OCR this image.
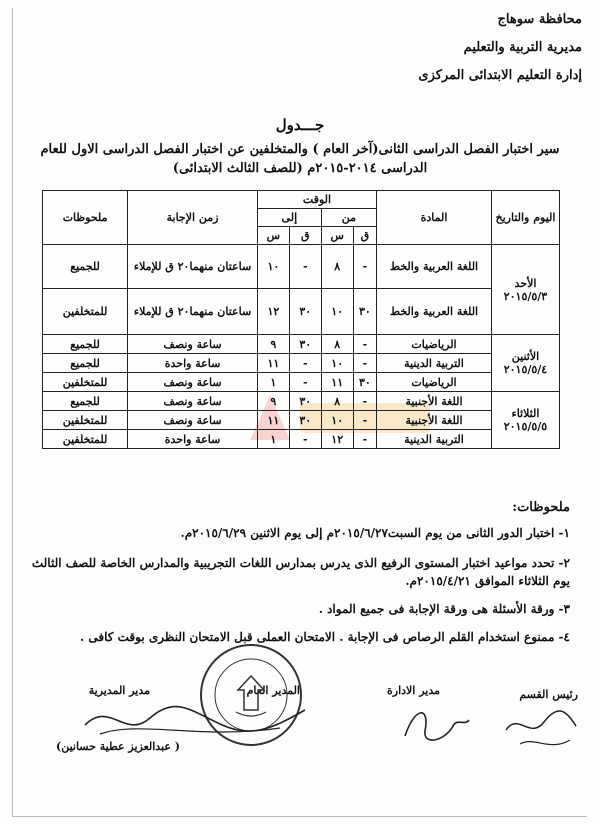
محافظة سوهاج
مديرية التربية والتعليم
إدارة التعليم الابتدائى المركزى
جـــدول
سير اختبار الفصل الدراسى الثانى(آخر العام ) والمتخلفين عن اختبار الفصل الدراسى الاول للعام
الدراسى ٢٠١٤-٢٠١٥م (للصف الثالث الابتدائى)
اليوم والتاريخ	المادة	الوقت				زمن الإجابة	ملحوظات
		من		إلى			
		ق	س	ق	س		

الأحد
٢٠١٥/٥/٣	اللغة العربية والخط	-	٨	-	١٠	ساعتان منهما٢٠ ق للإملاء	للجميع
	اللغة العربية والخط	٣٠	١٠	٣٠	١٢	ساعتان منهما٢٠ ق للإملاء	للمتخلفين

الأثنين
٢٠١٥/٥/٤	الرياضيات	-	٨	٣٠	٩	ساعة ونصف	للجميع
	التربية الدينية	-	١٠	-	١١	ساعة واحدة	للجميع
	الرياضيات	٣٠	١١	-	١	ساعة ونصف	للمتخلفين

الثلاثاء
٢٠١٥/٥/٥	اللغة الأجنبية	-	٨	٣٠	٩	ساعة ونصف	للجميع
	اللغة الأجنبية	-	١٠	٣٠	١١	ساعة ونصف	للمتخلفين
	التربية الدينية	-	١٢	-	١	ساعة واحدة	للمتخلفين
ملحوظات:
١- اختبار الدور الثانى من يوم السبت٢٠١٥/٦/٢٧م إلى يوم الاثنين ٢٠١٥/٦/٢٩م.
٢- تحدد مواعيد اختبار المستوى الرفيع الذى يدرس بمدارس اللغات التجريبية والمدارس الخاصة للصف الثالث يوم الثلاثاء الموافق ٢٠١٥/٤/٢١م.
٣- ورقة الأسئلة هى ورقة الإجابة فى جميع المواد .
٤- ممنوع استخدام القلم الرصاص فى الإجابة . الامتحان العملى قبل الامتحان النظرى بوقت كافى .
رئيس القسم
مدير الادارة
المدير العام
مدير المديرية
( عبدالعزيز عطية حسانين)
